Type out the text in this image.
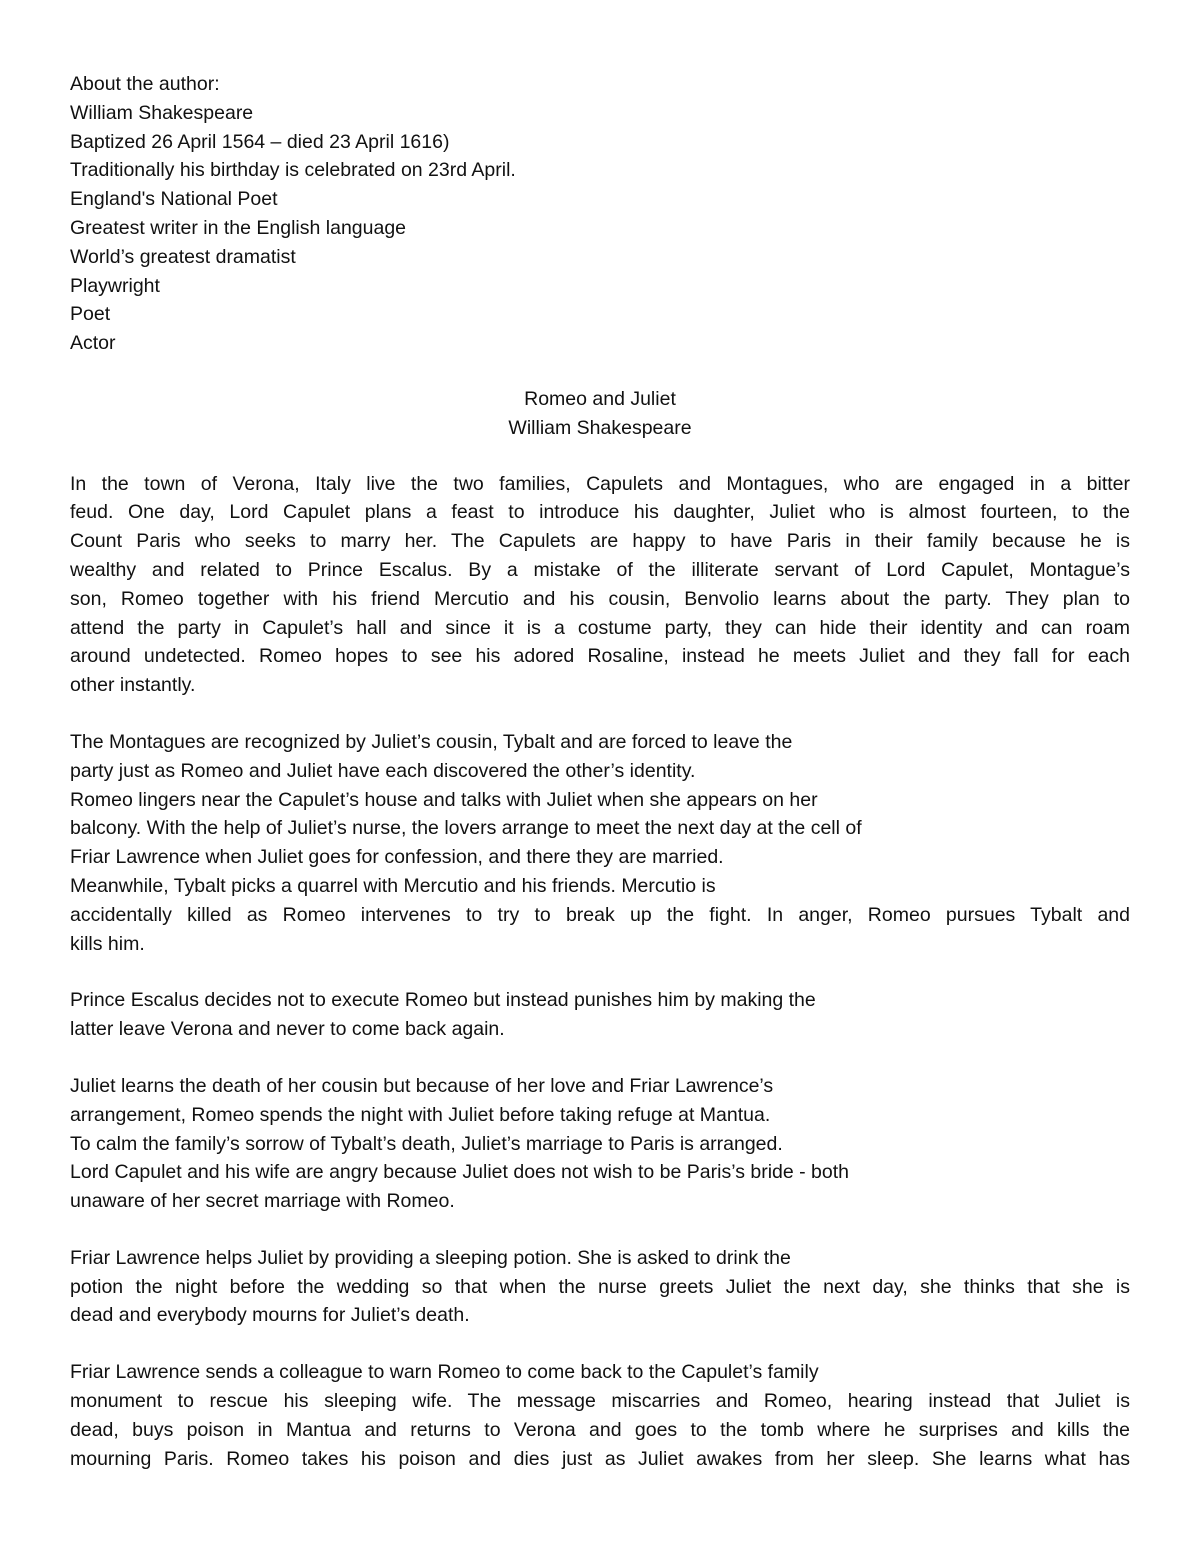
About the author:
William Shakespeare
Baptized 26 April 1564 – died 23 April 1616)
Traditionally his birthday is celebrated on 23rd April.
England's National Poet
Greatest writer in the English language
World’s greatest dramatist
Playwright
Poet
Actor
Romeo and Juliet
William Shakespeare
In the town of Verona, Italy live the two families, Capulets and Montagues, who are engaged in a bitter
feud. One day, Lord Capulet plans a feast to introduce his daughter, Juliet who is almost fourteen, to the
Count Paris who seeks to marry her. The Capulets are happy to have Paris in their family because he is
wealthy and related to Prince Escalus. By a mistake of the illiterate servant of Lord Capulet, Montague’s
son, Romeo together with his friend Mercutio and his cousin, Benvolio learns about the party. They plan to
attend the party in Capulet’s hall and since it is a costume party, they can hide their identity and can roam
around undetected. Romeo hopes to see his adored Rosaline, instead he meets Juliet and they fall for each
other instantly.
The Montagues are recognized by Juliet’s cousin, Tybalt and are forced to leave the
party just as Romeo and Juliet have each discovered the other’s identity.
Romeo lingers near the Capulet’s house and talks with Juliet when she appears on her
balcony. With the help of Juliet’s nurse, the lovers arrange to meet the next day at the cell of
Friar Lawrence when Juliet goes for confession, and there they are married.
Meanwhile, Tybalt picks a quarrel with Mercutio and his friends. Mercutio is
accidentally killed as Romeo intervenes to try to break up the fight. In anger, Romeo pursues Tybalt and
kills him.
Prince Escalus decides not to execute Romeo but instead punishes him by making the
latter leave Verona and never to come back again.
Juliet learns the death of her cousin but because of her love and Friar Lawrence’s
arrangement, Romeo spends the night with Juliet before taking refuge at Mantua.
To calm the family’s sorrow of Tybalt’s death, Juliet’s marriage to Paris is arranged.
Lord Capulet and his wife are angry because Juliet does not wish to be Paris’s bride - both
unaware of her secret marriage with Romeo.
Friar Lawrence helps Juliet by providing a sleeping potion. She is asked to drink the
potion the night before the wedding so that when the nurse greets Juliet the next day, she thinks that she is
dead and everybody mourns for Juliet’s death.
Friar Lawrence sends a colleague to warn Romeo to come back to the Capulet’s family
monument to rescue his sleeping wife. The message miscarries and Romeo, hearing instead that Juliet is
dead, buys poison in Mantua and returns to Verona and goes to the tomb where he surprises and kills the
mourning Paris. Romeo takes his poison and dies just as Juliet awakes from her sleep. She learns what has
